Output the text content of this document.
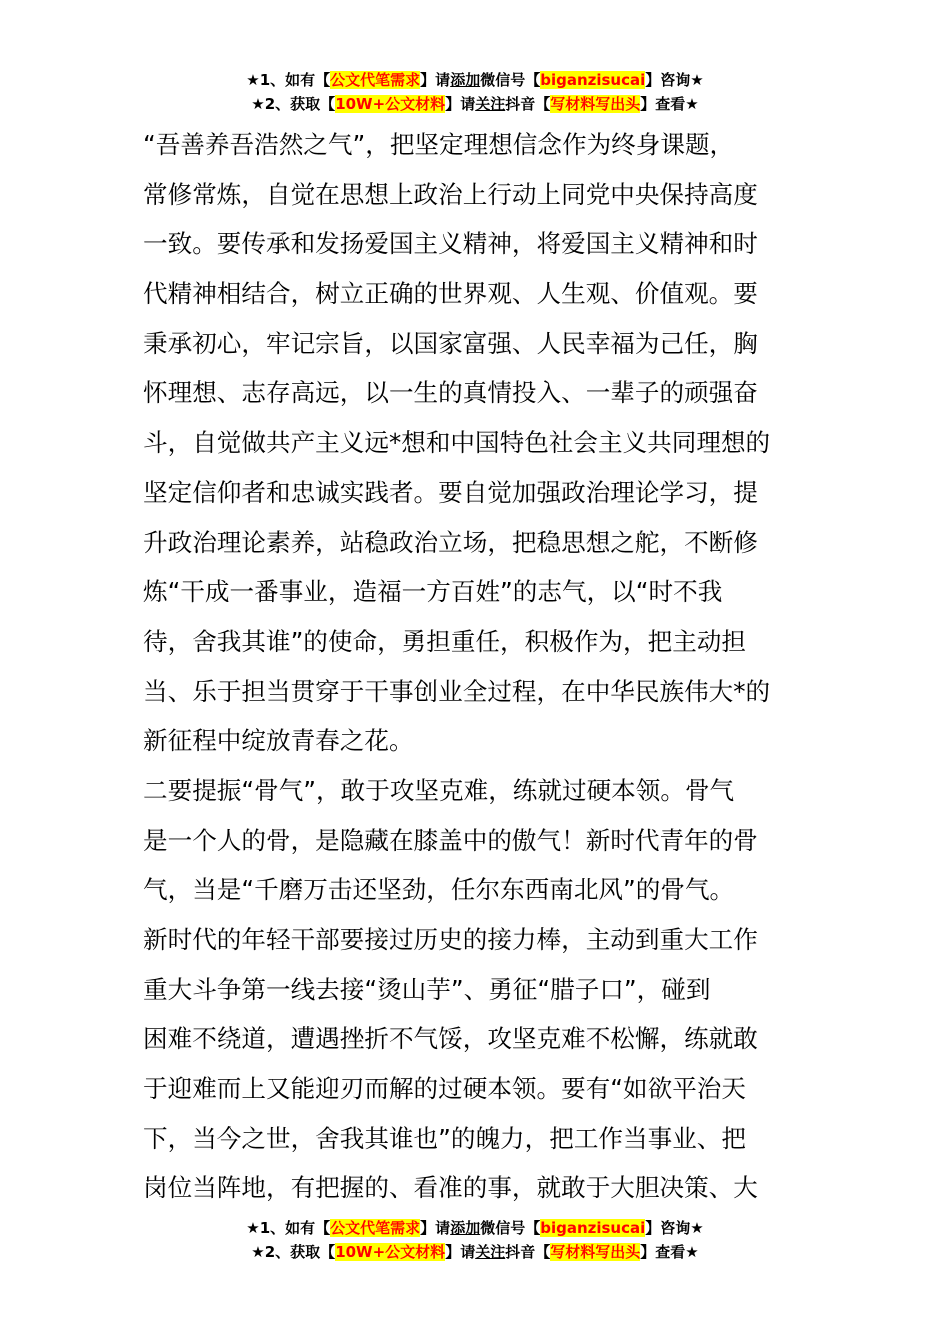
★1、如有【公文代笔需求】请添加微信号【biganzisucai】咨询★
★2、获取【10W+公文材料】请关注抖音【写材料写出头】查看★
“吾善养吾浩然之气”，把坚定理想信念作为终身课题，
常修常炼，自觉在思想上政治上行动上同党中央保持高度
一致。要传承和发扬爱国主义精神，将爱国主义精神和时
代精神相结合，树立正确的世界观、人生观、价值观。要
秉承初心，牢记宗旨，以国家富强、人民幸福为己任，胸
怀理想、志存高远，以一生的真情投入、一辈子的顽强奋
斗，自觉做共产主义远*想和中国特色社会主义共同理想的
坚定信仰者和忠诚实践者。要自觉加强政治理论学习，提
升政治理论素养，站稳政治立场，把稳思想之舵，不断修
炼“干成一番事业，造福一方百姓”的志气，以“时不我
待，舍我其谁”的使命，勇担重任，积极作为，把主动担
当、乐于担当贯穿于干事创业全过程，在中华民族伟大*的
新征程中绽放青春之花。
二要提振“骨气”，敢于攻坚克难，练就过硬本领。骨气
是一个人的骨，是隐藏在膝盖中的傲气！新时代青年的骨
气，当是“千磨万击还坚劲，任尔东西南北风”的骨气。
新时代的年轻干部要接过历史的接力棒，主动到重大工作
重大斗争第一线去接“烫山芋”、勇征“腊子口”，碰到
困难不绕道，遭遇挫折不气馁，攻坚克难不松懈，练就敢
于迎难而上又能迎刃而解的过硬本领。要有“如欲平治天
下，当今之世，舍我其谁也”的魄力，把工作当事业、把
岗位当阵地，有把握的、看准的事，就敢于大胆决策、大
★1、如有【公文代笔需求】请添加微信号【biganzisucai】咨询★
★2、获取【10W+公文材料】请关注抖音【写材料写出头】查看★
